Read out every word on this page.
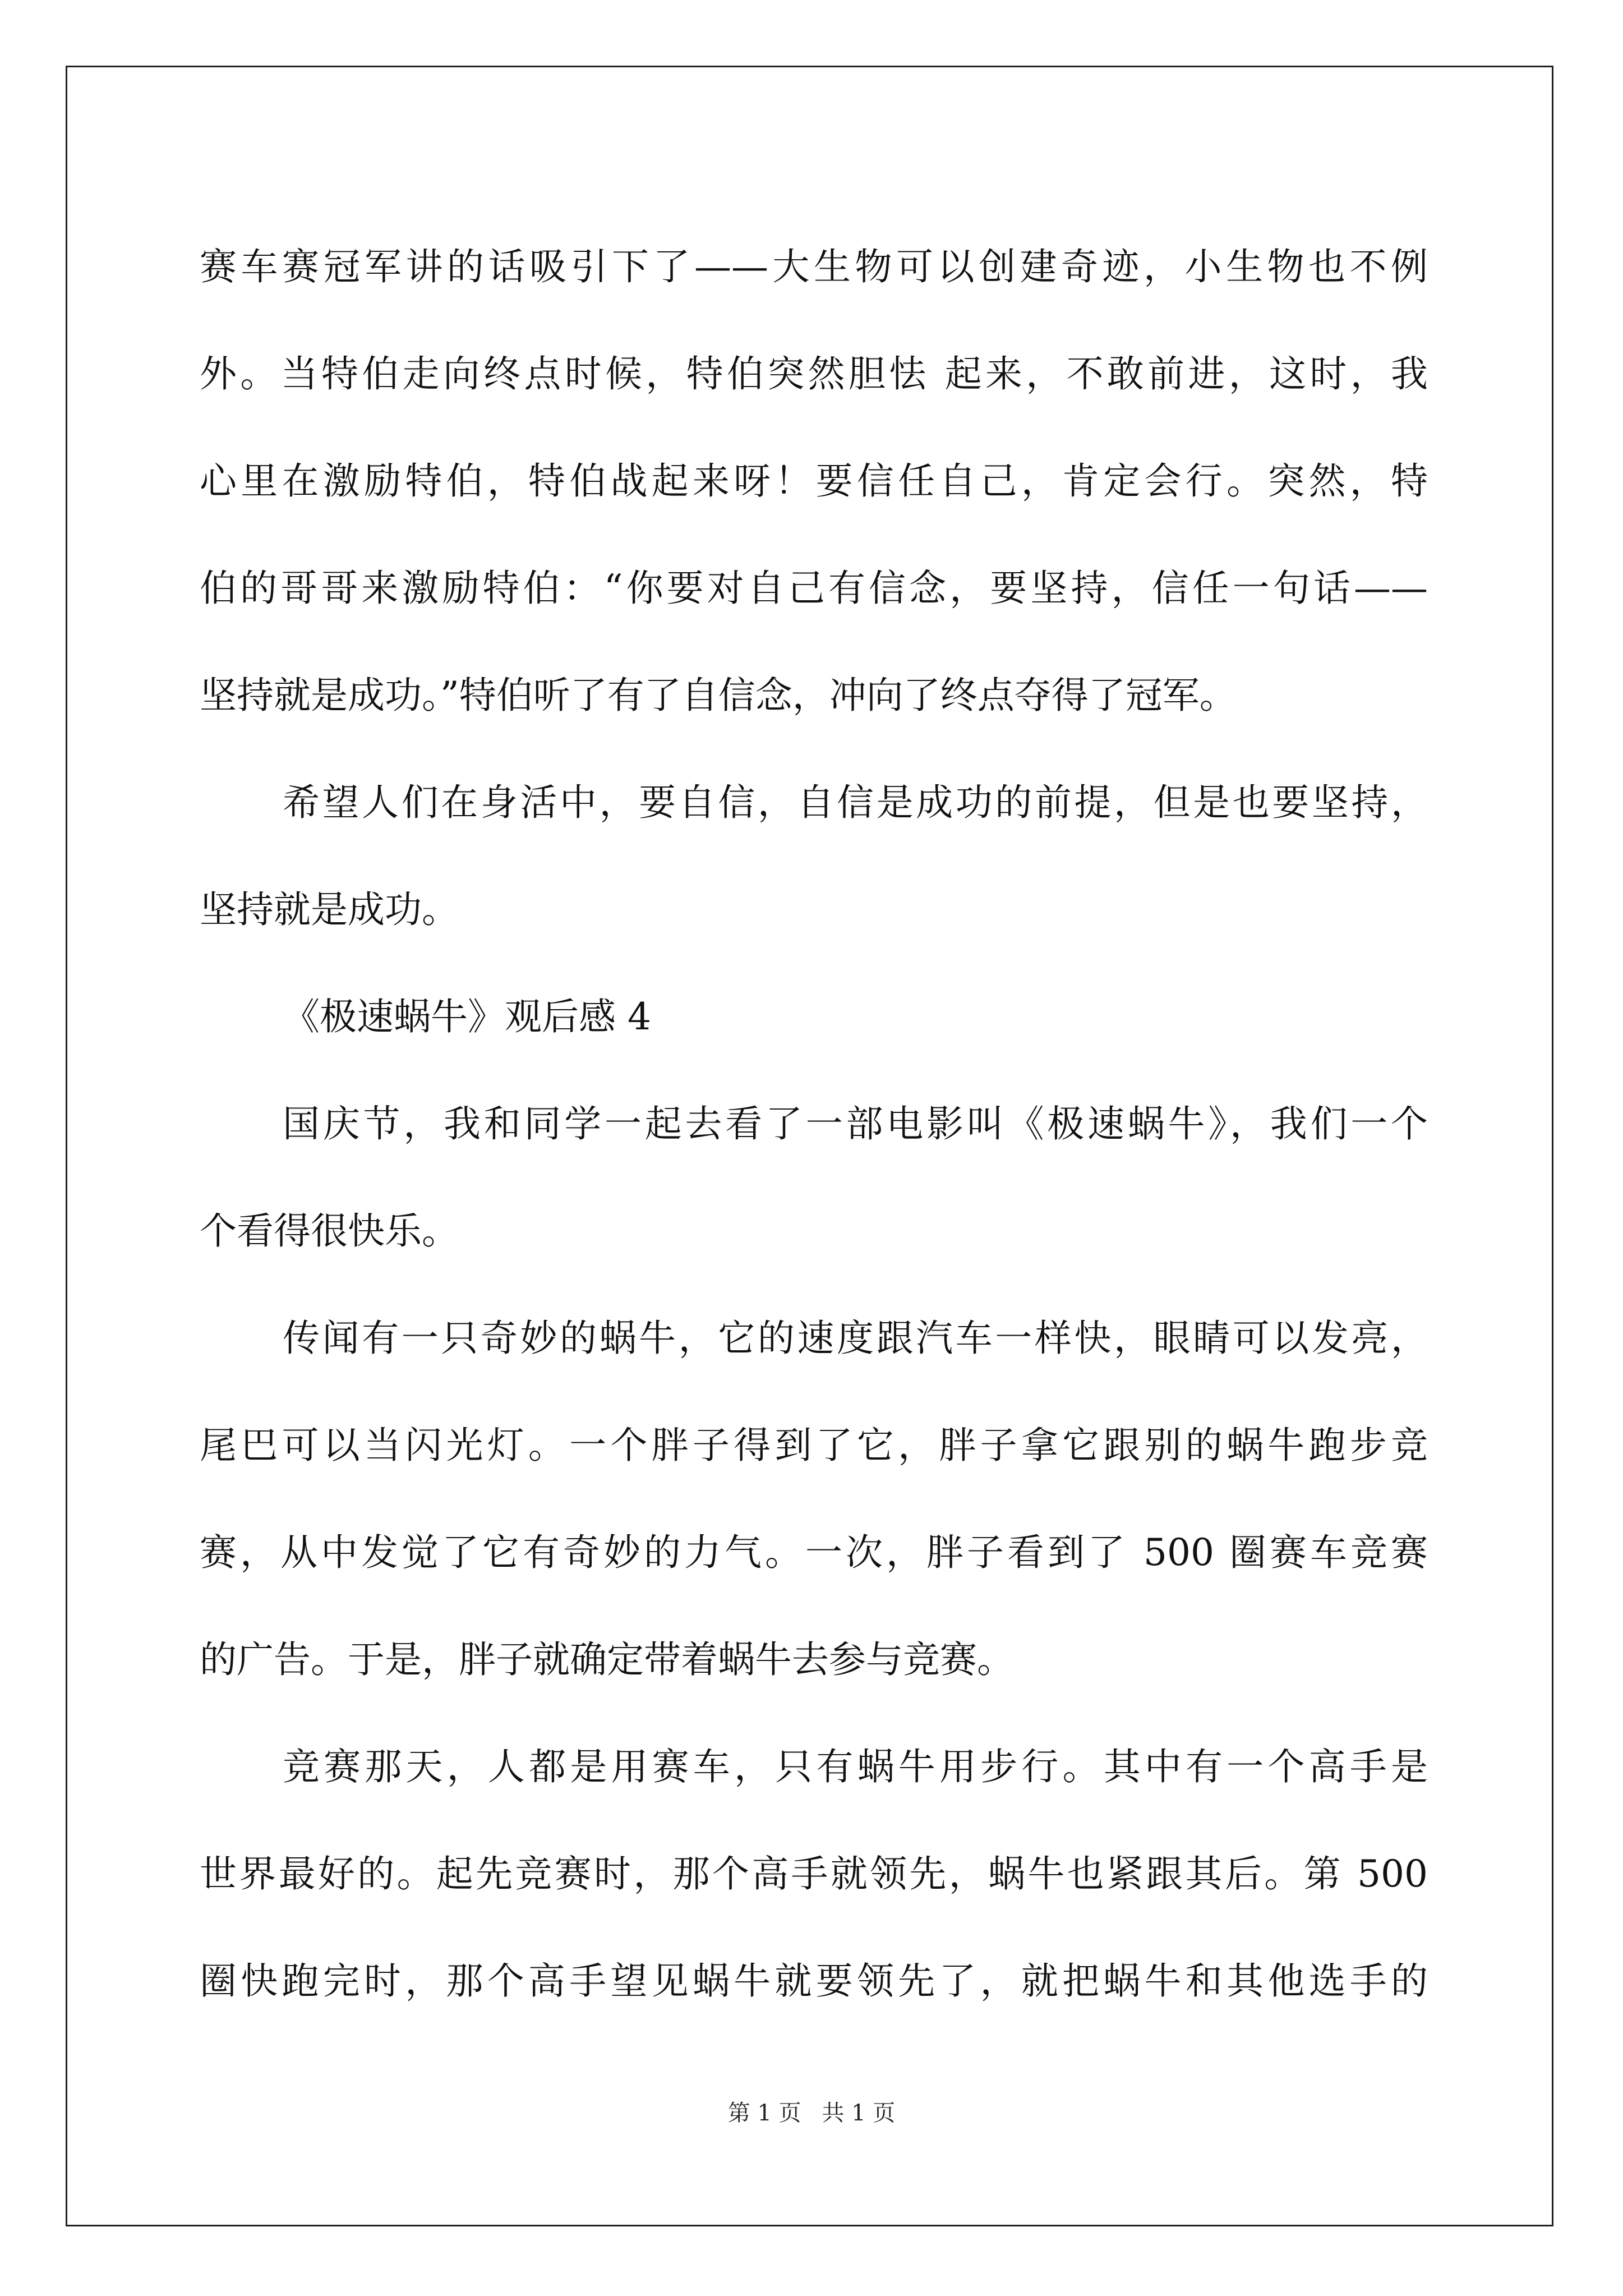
赛车赛冠军讲的话吸引下了——大生物可以创建奇迹，小生物也不例
外。当特伯走向终点时候，特伯突然胆怯 起来，不敢前进，这时，我
心里在激励特伯，特伯战起来呀！要信任自己，肯定会行。突然，特
伯的哥哥来激励特伯：“你要对自己有信念，要坚持，信任一句话——
坚持就是成功。”特伯听了有了自信念，冲向了终点夺得了冠军。
希望人们在身活中，要自信，自信是成功的前提，但是也要坚持，
坚持就是成功。
《极速蜗牛》观后感 4
国庆节，我和同学一起去看了一部电影叫《极速蜗牛》，我们一个
个看得很快乐。
传闻有一只奇妙的蜗牛，它的速度跟汽车一样快，眼睛可以发亮，
尾巴可以当闪光灯。一个胖子得到了它，胖子拿它跟别的蜗牛跑步竞
赛，从中发觉了它有奇妙的力气。一次，胖子看到了 500 圈赛车竞赛
的广告。于是，胖子就确定带着蜗牛去参与竞赛。
竞赛那天，人都是用赛车，只有蜗牛用步行。其中有一个高手是
世界最好的。起先竞赛时，那个高手就领先，蜗牛也紧跟其后。第 500
圈快跑完时，那个高手望见蜗牛就要领先了，就把蜗牛和其他选手的
第 1 页 共 1 页
